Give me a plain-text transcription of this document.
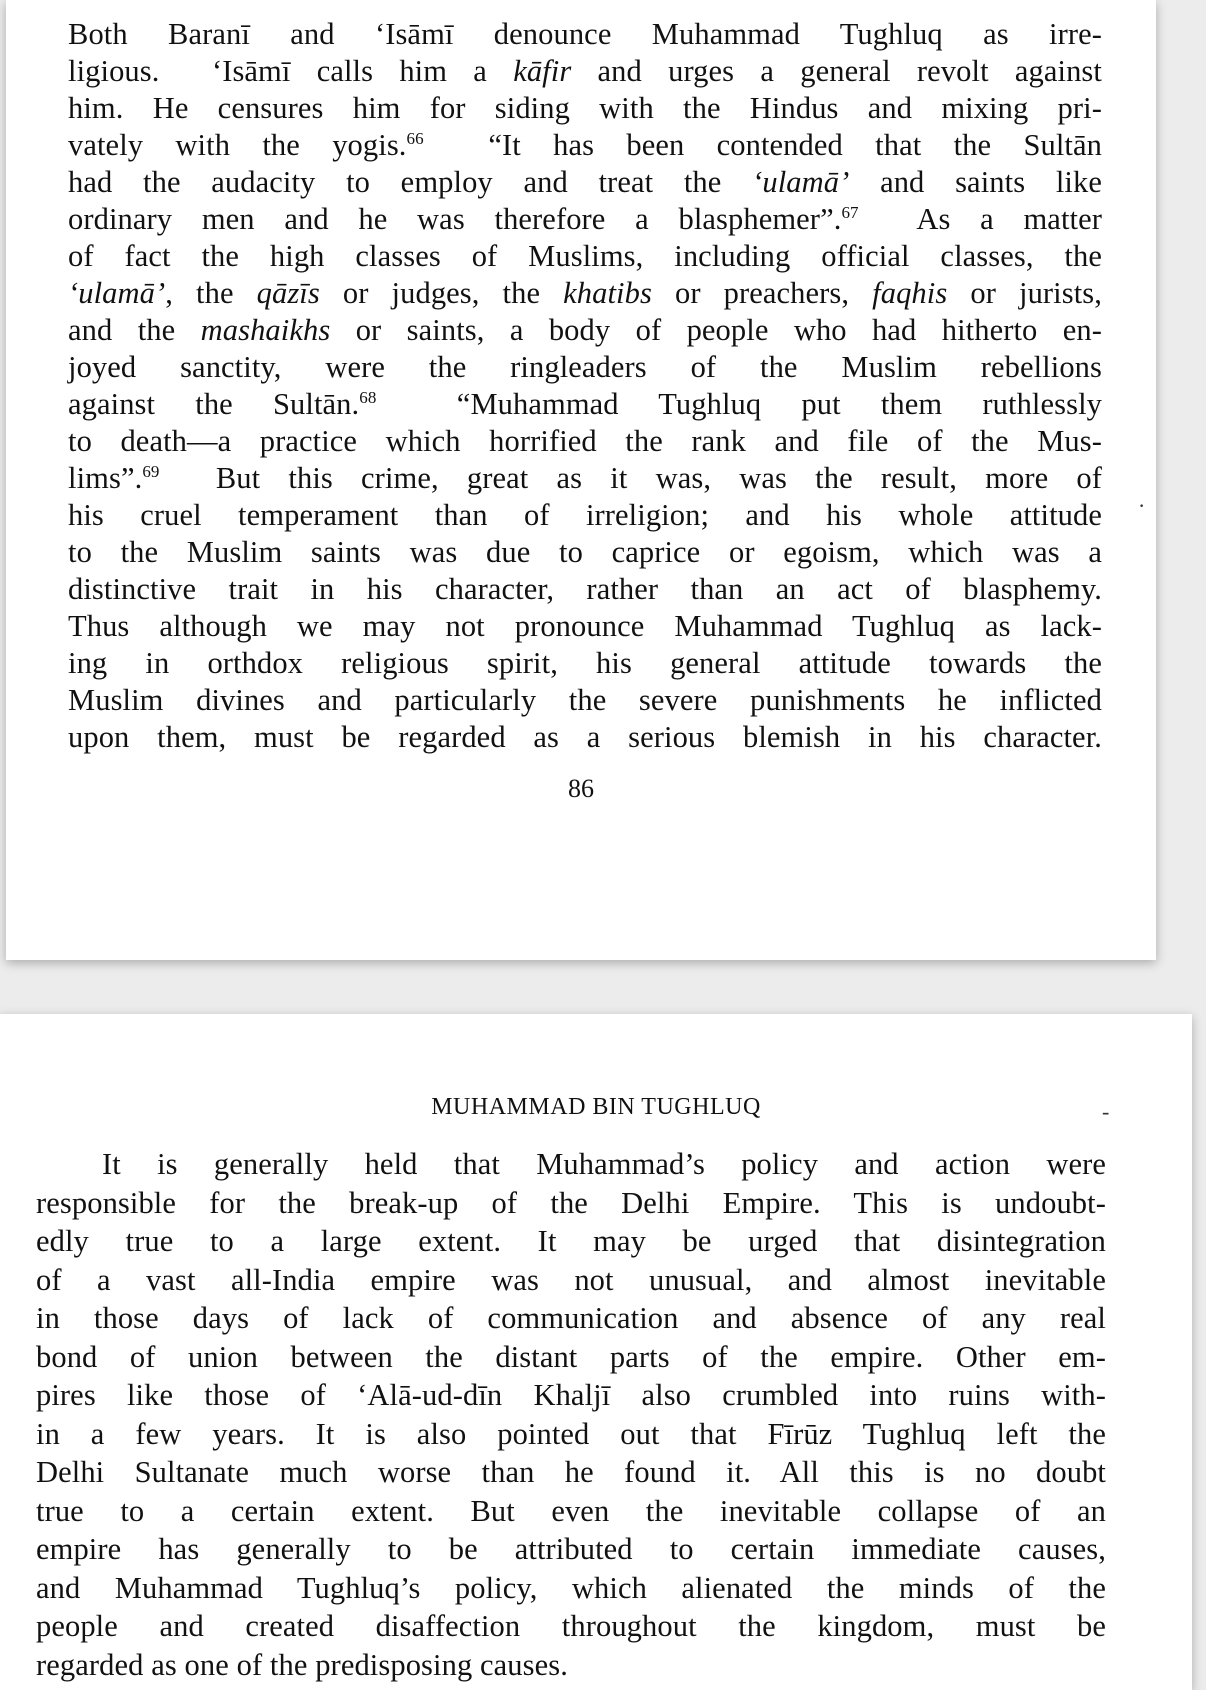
Both Baranī and ‘Isāmī denounce Muhammad Tughluq as irre-
ligious.  ‘Isāmī calls him a kāfir and urges a general revolt against
him. He censures him for siding with the Hindus and mixing pri-
vately with the yogis.$^{66}$  “It has been contended that the Sultān
had the audacity to employ and treat the ‘ulamā’ and saints like
ordinary men and he was therefore a blasphemer”.$^{67}$  As a matter
of fact the high classes of Muslims, including official classes, the
‘ulamā’, the qāzīs or judges, the khatibs or preachers, faqhis or jurists,
and the mashaikhs or saints, a body of people who had hitherto en-
joyed sanctity, were the ringleaders of the Muslim rebellions
against the Sultān.$^{68}$  “Muhammad Tughluq put them ruthlessly
to death—a practice which horrified the rank and file of the Mus-
lims”.$^{69}$  But this crime, great as it was, was the result, more of
his cruel temperament than of irreligion; and his whole attitude
to the Muslim saints was due to caprice or egoism, which was a
distinctive trait in his character, rather than an act of blasphemy.
Thus although we may not pronounce Muhammad Tughluq as lack-
ing in orthdox religious spirit, his general attitude towards the
Muslim divines and particularly the severe punishments he inflicted
upon them, must be regarded as a serious blemish in his character.
86
·
MUHAMMAD BIN TUGHLUQ	-
It is generally held that Muhammad’s policy and action were
responsible for the break-up of the Delhi Empire. This is undoubt-
edly true to a large extent. It may be urged that disintegration
of a vast all-India empire was not unusual, and almost inevitable
in those days of lack of communication and absence of any real
bond of union between the distant parts of the empire. Other em-
pires like those of ‘Alā-ud-dīn Khaljī also crumbled into ruins with-
in a few years. It is also pointed out that Fīrūz Tughluq left the
Delhi Sultanate much worse than he found it. All this is no doubt
true to a certain extent. But even the inevitable collapse of an
empire has generally to be attributed to certain immediate causes,
and Muhammad Tughluq’s policy, which alienated the minds of the
people and created disaffection throughout the kingdom, must be
regarded as one of the predisposing causes.
